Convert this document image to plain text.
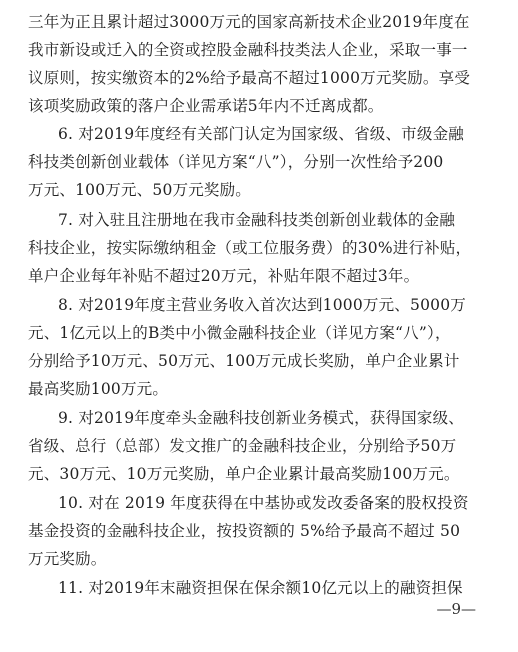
三年为正且累计超过3000万元的国家高新技术企业2019年度在
我市新设或迁入的全资或控股金融科技类法人企业，采取一事一
议原则，按实缴资本的2%给予最高不超过1000万元奖励。享受
该项奖励政策的落户企业需承诺5年内不迁离成都。
6. 对2019年度经有关部门认定为国家级、省级、市级金融
科技类创新创业载体（详见方案“八”），分别一次性给予200
万元、100万元、50万元奖励。
7. 对入驻且注册地在我市金融科技类创新创业载体的金融
科技企业，按实际缴纳租金（或工位服务费）的30%进行补贴，
单户企业每年补贴不超过20万元，补贴年限不超过3年。
8. 对2019年度主营业务收入首次达到1000万元、5000万
元、1亿元以上的B类中小微金融科技企业（详见方案“八”），
分别给予10万元、50万元、100万元成长奖励，单户企业累计
最高奖励100万元。
9. 对2019年度牵头金融科技创新业务模式，获得国家级、
省级、总行（总部）发文推广的金融科技企业，分别给予50万
元、30万元、10万元奖励，单户企业累计最高奖励100万元。
10. 对在 2019 年度获得在中基协或发改委备案的股权投资
基金投资的金融科技企业，按投资额的 5%给予最高不超过 50
万元奖励。
11. 对2019年末融资担保在保余额10亿元以上的融资担保
—9—
